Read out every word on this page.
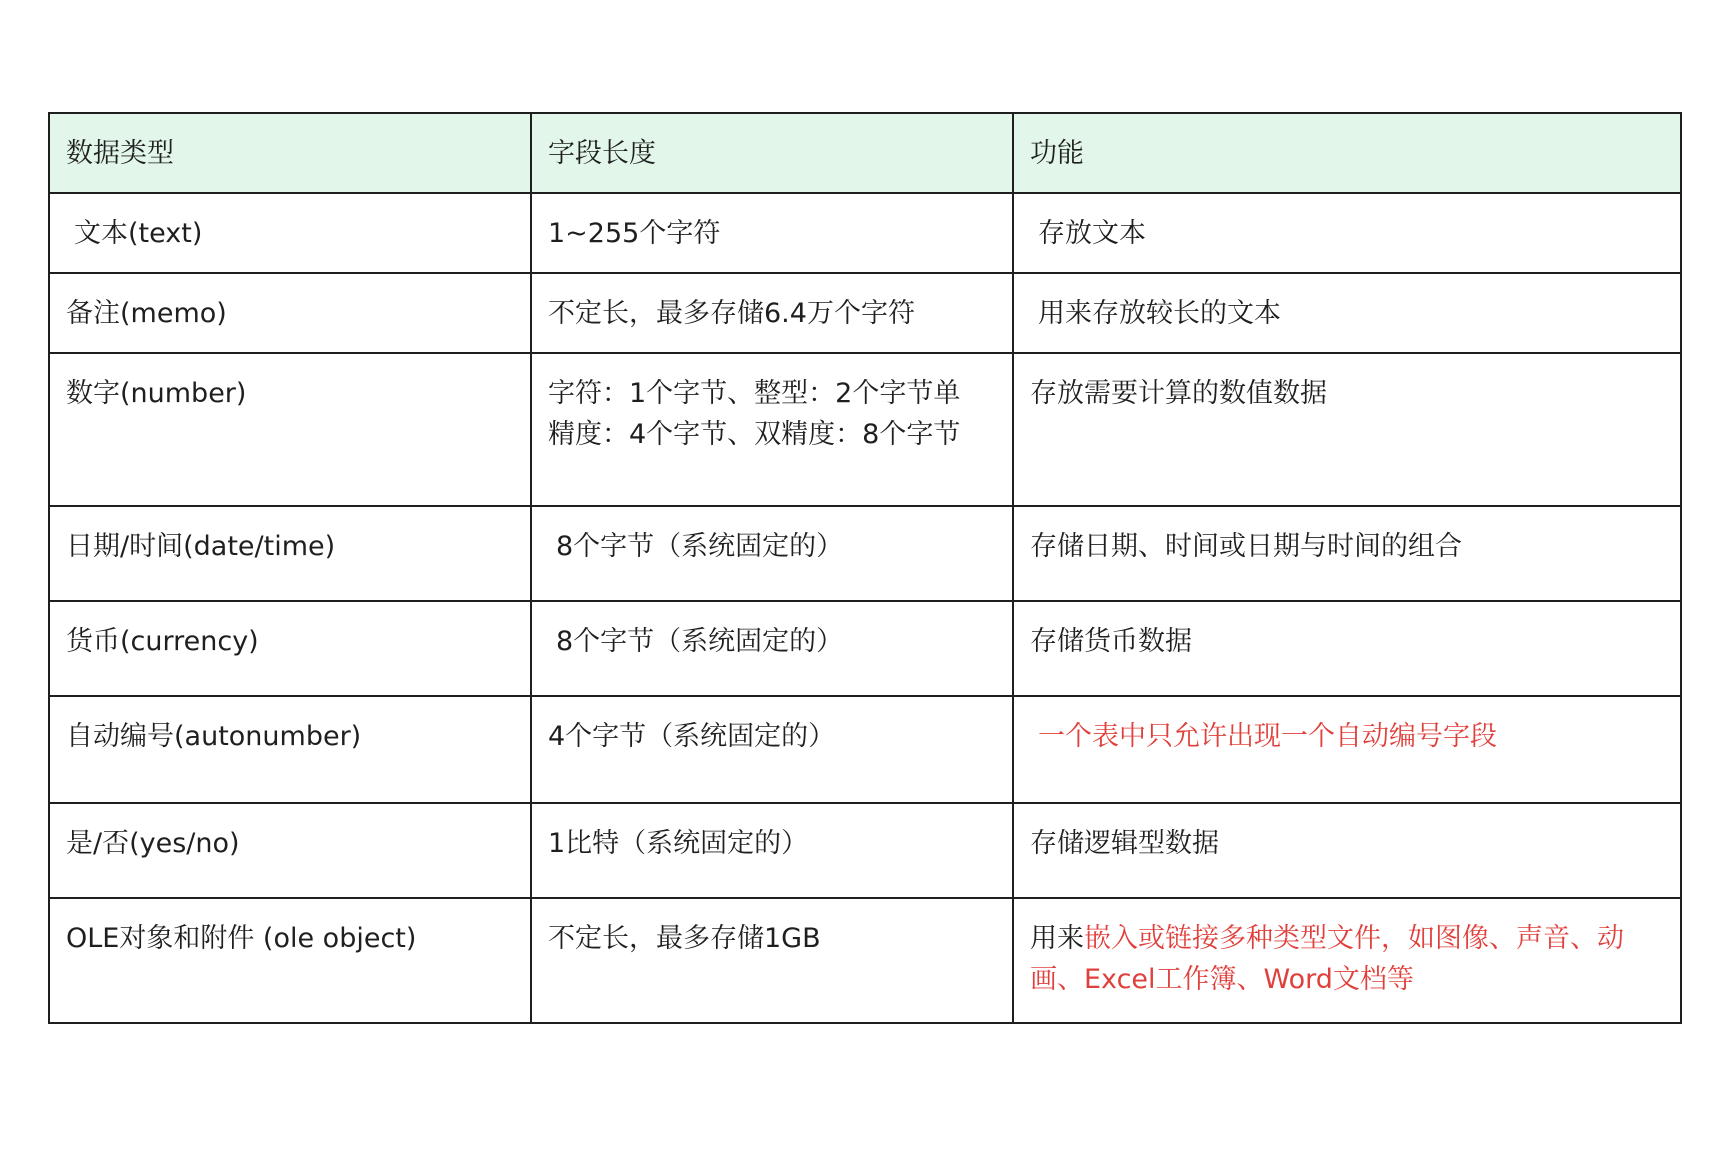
数据类型	字段长度	功能
文本(text)	1~255个字符	存放文本
备注(memo)	不定长，最多存储6.4万个字符	用来存放较长的文本
数字(number)	字符：1个字节、整型：2个字节单精度：4个字节、双精度：8个字节	存放需要计算的数值数据
日期/时间(date/time)	8个字节（系统固定的）	存储日期、时间或日期与时间的组合
货币(currency)	8个字节（系统固定的）	存储货币数据
自动编号(autonumber)	4个字节（系统固定的）	一个表中只允许出现一个自动编号字段
是/否(yes/no)	1比特（系统固定的）	存储逻辑型数据
OLE对象和附件 (ole object)	不定长，最多存储1GB	用来嵌入或链接多种类型文件，如图像、声音、动画、Excel工作簿、Word文档等
